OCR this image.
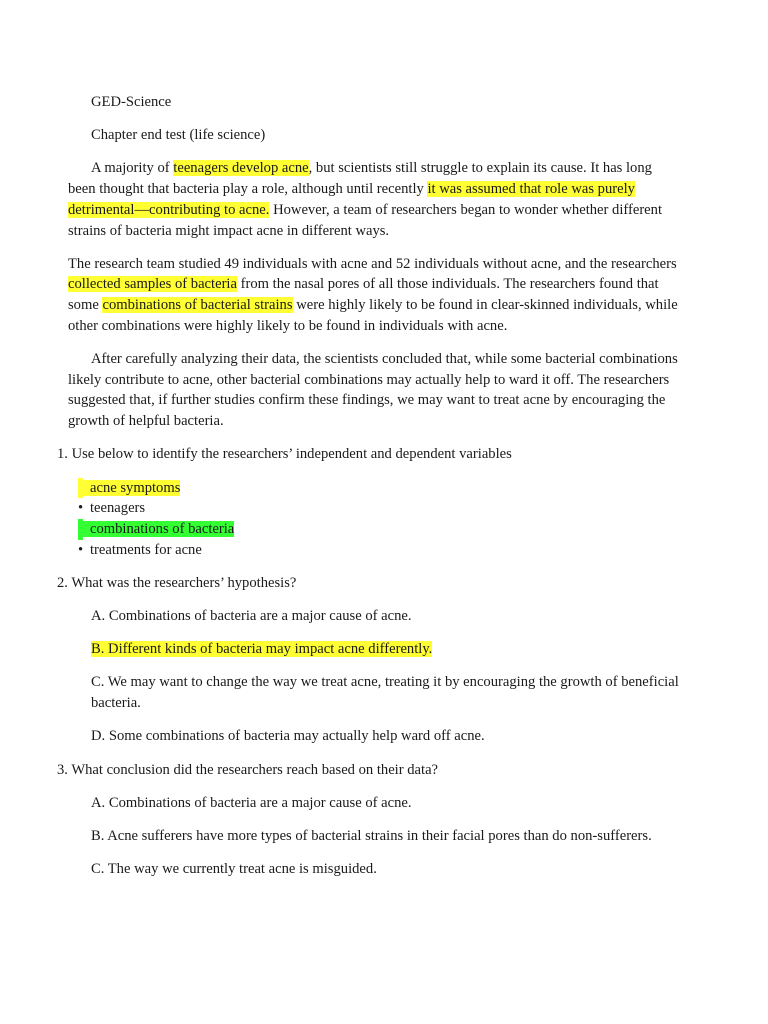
GED-Science

Chapter end test (life science)

A majority of teenagers develop acne, but scientists still struggle to explain its cause. It has long been thought that bacteria play a role, although until recently it was assumed that role was purely detrimental—contributing to acne. However, a team of researchers began to wonder whether different strains of bacteria might impact acne in different ways.

The research team studied 49 individuals with acne and 52 individuals without acne, and the researchers collected samples of bacteria from the nasal pores of all those individuals. The researchers found that some combinations of bacterial strains were highly likely to be found in clear-skinned individuals, while other combinations were highly likely to be found in individuals with acne.

After carefully analyzing their data, the scientists concluded that, while some bacterial combinations likely contribute to acne, other bacterial combinations may actually help to ward it off. The researchers suggested that, if further studies confirm these findings, we may want to treat acne by encouraging the growth of helpful bacteria.

1. Use below to identify the researchers’ independent and dependent variables
acne symptoms
• teenagers
combinations of bacteria
• treatments for acne
2. What was the researchers’ hypothesis?
A. Combinations of bacteria are a major cause of acne.
B. Different kinds of bacteria may impact acne differently.
C. We may want to change the way we treat acne, treating it by encouraging the growth of beneficial bacteria.
D. Some combinations of bacteria may actually help ward off acne.
3. What conclusion did the researchers reach based on their data?
A. Combinations of bacteria are a major cause of acne.
B. Acne sufferers have more types of bacterial strains in their facial pores than do non-sufferers.
C. The way we currently treat acne is misguided.
